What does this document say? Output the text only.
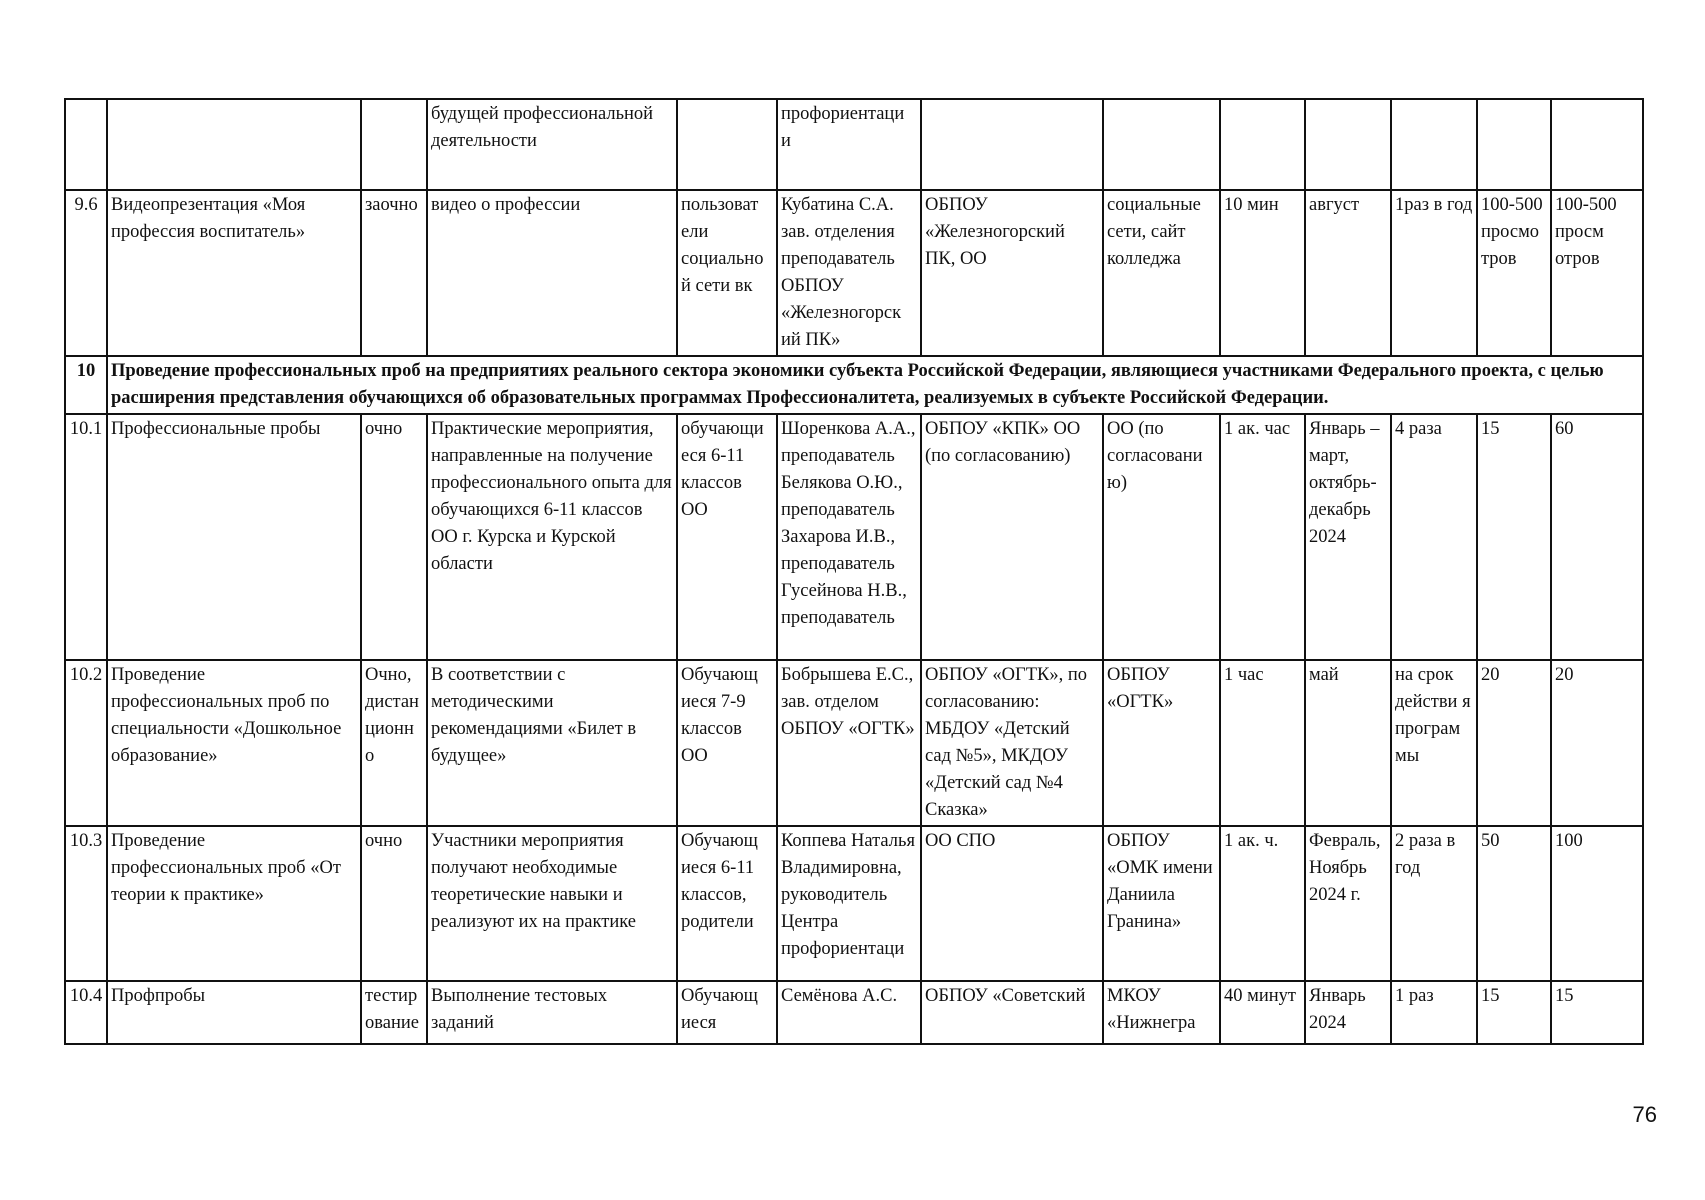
			будущей профессиональной деятельности		профориентаци и							
9.6	Видеопрезентация «Моя профессия воспитатель»	заочно	видео о профессии	пользоват ели социально й сети вк	Кубатина С.А. зав. отделения преподаватель ОБПОУ «Железногорск ий ПК»	ОБПОУ «Железногорский ПК, ОО	социальные сети, сайт колледжа	10 мин	август	1раз в год	100-500 просмо тров	100-500 просм отров
10	Проведение профессиональных проб на предприятиях реального сектора экономики субъекта Российской Федерации, являющиеся участниками Федерального проекта, с целью расширения представления обучающихся об образовательных программах Профессионалитета, реализуемых в субъекте Российской Федерации.											
10.1	Профессиональные пробы	очно	Практические мероприятия, направленные на получение профессионального опыта для обучающихся 6-11 классов ОО г. Курска и Курской области	обучающи еся 6-11 классов ОО	Шоренкова А.А., преподаватель Белякова О.Ю., преподаватель Захарова И.В., преподаватель Гусейнова Н.В., преподаватель	ОБПОУ «КПК» ОО (по согласованию)	ОО (по согласовани ю)	1 ак. час	Январь – март, октябрь-декабрь 2024	4 раза	15	60
10.2	Проведение профессиональных проб по специальности «Дошкольное образование»	Очно, дистан ционн о	В соответствии с методическими рекомендациями «Билет в будущее»	Обучающ иеся 7-9 классов ОО	Бобрышева Е.С., зав. отделом ОБПОУ «ОГТК»	ОБПОУ «ОГТК», по согласованию: МБДОУ «Детский сад №5», МКДОУ «Детский сад №4 Сказка»	ОБПОУ «ОГТК»	1 час	май	на срок действи я програм мы	20	20
10.3	Проведение профессиональных проб «От теории к практике»	очно	Участники мероприятия получают необходимые теоретические навыки и реализуют их на практике	Обучающ иеся 6-11 классов, родители	Коппева Наталья Владимировна, руководитель Центра профориентаци	ОО СПО	ОБПОУ «ОМК имени Даниила Гранина»	1 ак. ч.	Февраль, Ноябрь 2024 г.	2 раза в год	50	100
10.4	Профпробы	тестир ование	Выполнение тестовых заданий	Обучающ иеся	Семёнова А.С.	ОБПОУ «Советский	МКОУ «Нижнегра	40 минут	Январь 2024	1 раз	15	15
76
